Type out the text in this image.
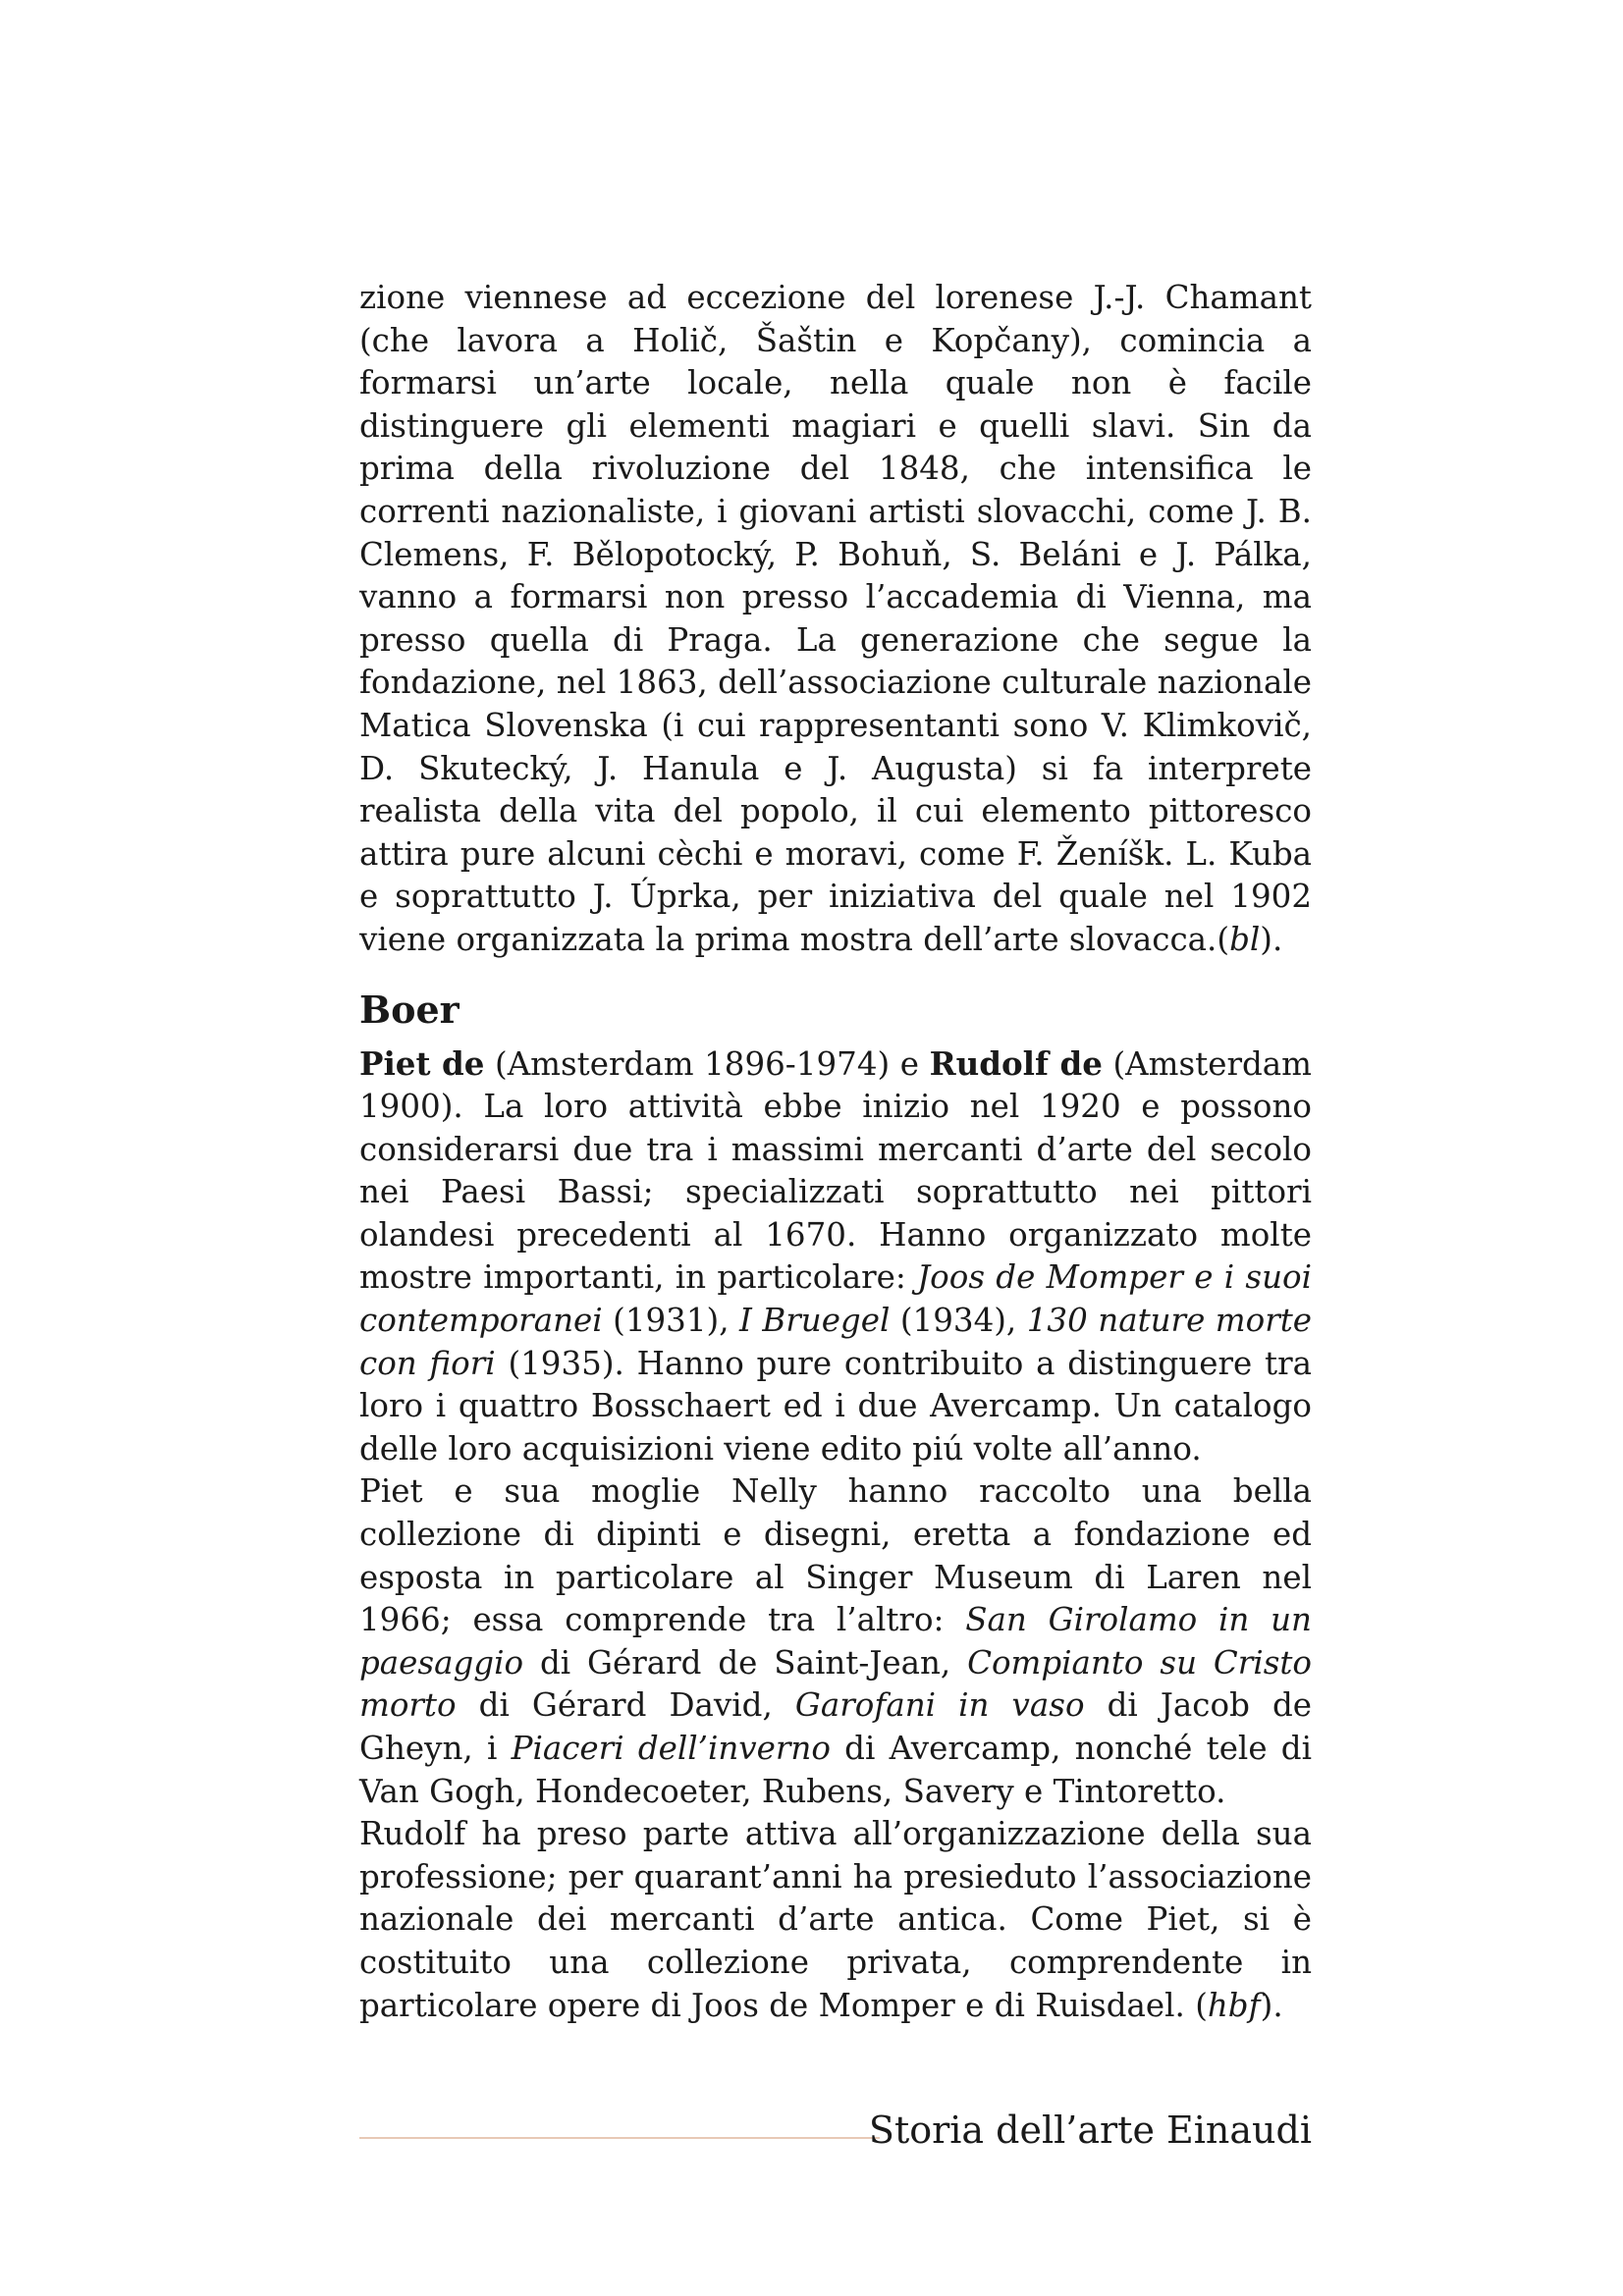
zione viennese ad eccezione del lorenese J.-J. Chamant (che lavora a Holič, Šaštin e Kopčany), comincia a formarsi un’arte locale, nella quale non è facile distinguere gli elementi magiari e quelli slavi. Sin da prima della rivoluzione del 1848, che intensifica le correnti nazionaliste, i giovani artisti slovacchi, come J. B. Clemens, F. Bělopotocký, P. Bohuň, S. Beláni e J. Pálka, vanno a formarsi non presso l’accademia di Vienna, ma presso quella di Praga. La generazione che segue la fondazione, nel 1863, dell’associazione culturale nazionale Matica Slovenska (i cui rappresentanti sono V. Klimkovič, D. Skutecký, J. Hanula e J. Augusta) si fa interprete realista della vita del popolo, il cui elemento pittoresco attira pure alcuni cèchi e moravi, come F. Ženíšk. L. Kuba e soprattutto J. Úprka, per iniziativa del quale nel 1902 viene organizzata la prima mostra dell’arte slovacca.(bl).

Boer

Piet de (Amsterdam 1896-1974) e Rudolf de (Amsterdam 1900). La loro attività ebbe inizio nel 1920 e possono considerarsi due tra i massimi mercanti d’arte del secolo nei Paesi Bassi; specializzati soprattutto nei pittori olandesi precedenti al 1670. Hanno organizzato molte mostre importanti, in particolare: Joos de Momper e i suoi contemporanei (1931), I Bruegel (1934), 130 nature morte con fiori (1935). Hanno pure contribuito a distinguere tra loro i quattro Bosschaert ed i due Avercamp. Un catalogo delle loro acquisizioni viene edito piú volte all’anno.

Piet e sua moglie Nelly hanno raccolto una bella collezione di dipinti e disegni, eretta a fondazione ed esposta in particolare al Singer Museum di Laren nel 1966; essa comprende tra l’altro: San Girolamo in un paesaggio di Gérard de Saint-Jean, Compianto su Cristo morto di Gérard David, Garofani in vaso di Jacob de Gheyn, i Piaceri dell’inverno di Avercamp, nonché tele di Van Gogh, Hondecoeter, Rubens, Savery e Tintoretto.

Rudolf ha preso parte attiva all’organizzazione della sua professione; per quarant’anni ha presieduto l’associazione nazionale dei mercanti d’arte antica. Come Piet, si è costituito una collezione privata, comprendente in particolare opere di Joos de Momper e di Ruisdael. (hbf).

Storia dell’arte Einaudi
